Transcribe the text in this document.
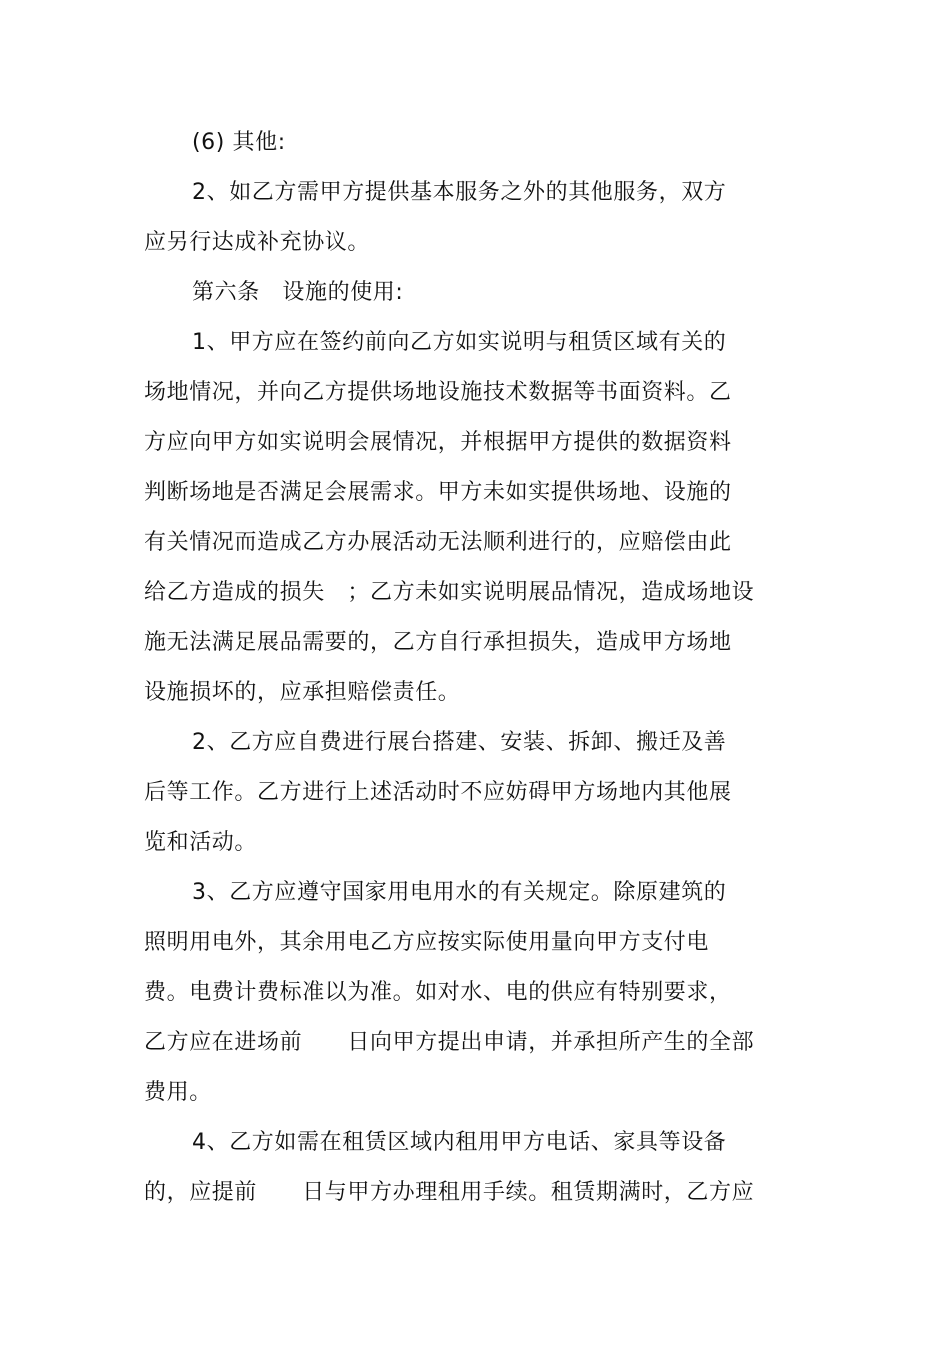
(6) 其他:
2、如乙方需甲方提供基本服务之外的其他服务，双方
应另行达成补充协议。
第六条　设施的使用:
1、甲方应在签约前向乙方如实说明与租赁区域有关的
场地情况，并向乙方提供场地设施技术数据等书面资料。乙
方应向甲方如实说明会展情况，并根据甲方提供的数据资料
判断场地是否满足会展需求。甲方未如实提供场地、设施的
有关情况而造成乙方办展活动无法顺利进行的，应赔偿由此
给乙方造成的损失　；乙方未如实说明展品情况，造成场地设
施无法满足展品需要的，乙方自行承担损失，造成甲方场地
设施损坏的，应承担赔偿责任。
2、乙方应自费进行展台搭建、安装、拆卸、搬迁及善
后等工作。乙方进行上述活动时不应妨碍甲方场地内其他展
览和活动。
3、乙方应遵守国家用电用水的有关规定。除原建筑的
照明用电外，其余用电乙方应按实际使用量向甲方支付电
费。电费计费标准以为准。如对水、电的供应有特别要求，
乙方应在进场前　　日向甲方提出申请，并承担所产生的全部
费用。
4、乙方如需在租赁区域内租用甲方电话、家具等设备
的，应提前　　日与甲方办理租用手续。租赁期满时，乙方应
